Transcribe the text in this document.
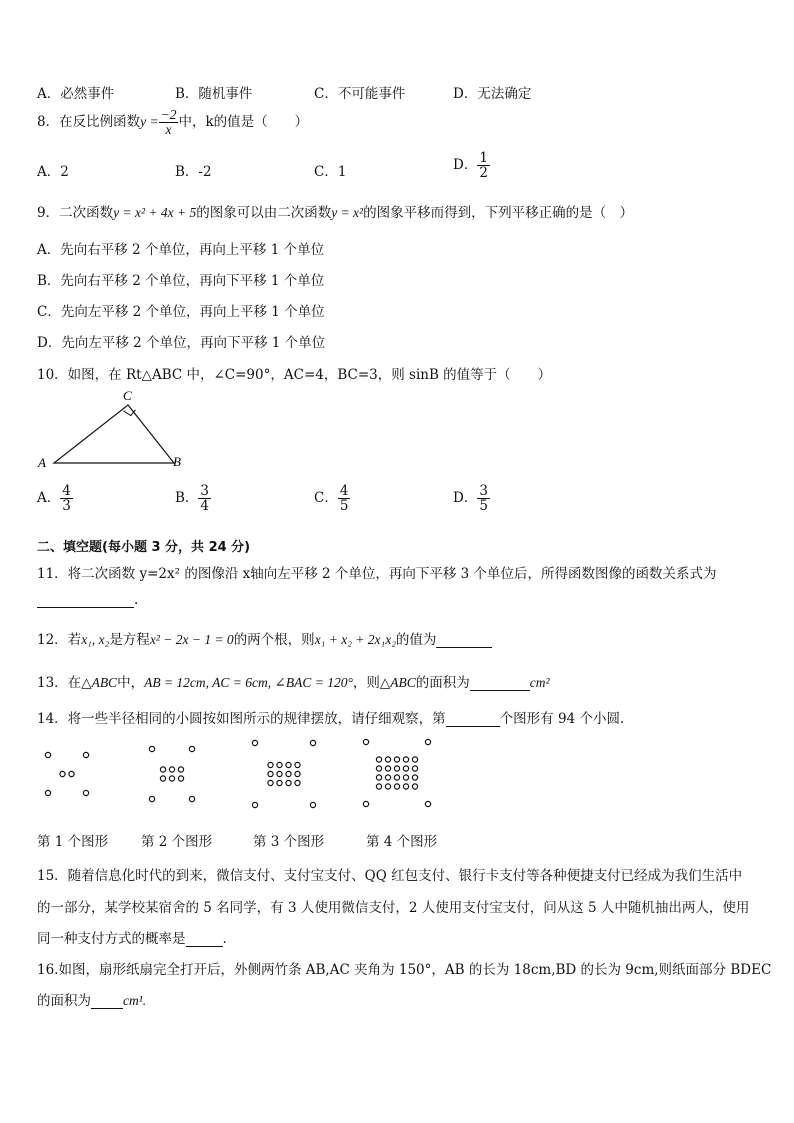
A．必然事件	B．随机事件	C．不可能事件	D．无法确定
8．在反比例函数$y = \frac{-2}{x}$ 中，k的值是（　　）
A．2	B．-2	C．1	D． $\frac{1}{2}$
9．二次函数y = x² + 4x + 5的图象可以由二次函数y = x²的图象平移而得到，下列平移正确的是（　）
A．先向右平移 2 个单位，再向上平移 1 个单位
B．先向右平移 2 个单位，再向下平移 1 个单位
C．先向左平移 2 个单位，再向上平移 1 个单位
D．先向左平移 2 个单位，再向下平移 1 个单位
10．如图，在 Rt△ABC 中，∠C=90°，AC=4，BC=3，则 sinB 的值等于（　　）
C
A	B
A． $\frac{4}{3}$	B． $\frac{3}{4}$	C． $\frac{4}{5}$	D． $\frac{3}{5}$
二、填空题(每小题 3 分，共 24 分)
11．将二次函数 y=2x² 的图像沿 x轴向左平移 2 个单位，再向下平移 3 个单位后，所得函数图像的函数关系式为
.
12．若x₁, x₂是方程x² − 2x − 1 = 0的两个根，则x₁ + x₂ + 2x₁x₂的值为
13．在△ABC中，AB = 12cm, AC = 6cm, ∠BAC = 120°，则△ABC的面积为	cm²
14．将一些半径相同的小圆按如图所示的规律摆放，请仔细观察，第	个图形有 94 个小圆.
第 1 个图形 第 2 个图形	第 3 个图形	第 4 个图形
15．随着信息化时代的到来，微信支付、支付宝支付、QQ 红包支付、银行卡支付等各种便捷支付已经成为我们生活中
的一部分，某学校某宿舍的 5 名同学，有 3 人使用微信支付，2 人使用支付宝支付，问从这 5 人中随机抽出两人，使用
同一种支付方式的概率是	.
16.如图，扇形纸扇完全打开后，外侧两竹条 AB,AC 夹角为 150°，AB 的长为 18cm,BD 的长为 9cm,则纸面部分 BDEC
的面积为 cm¹.
